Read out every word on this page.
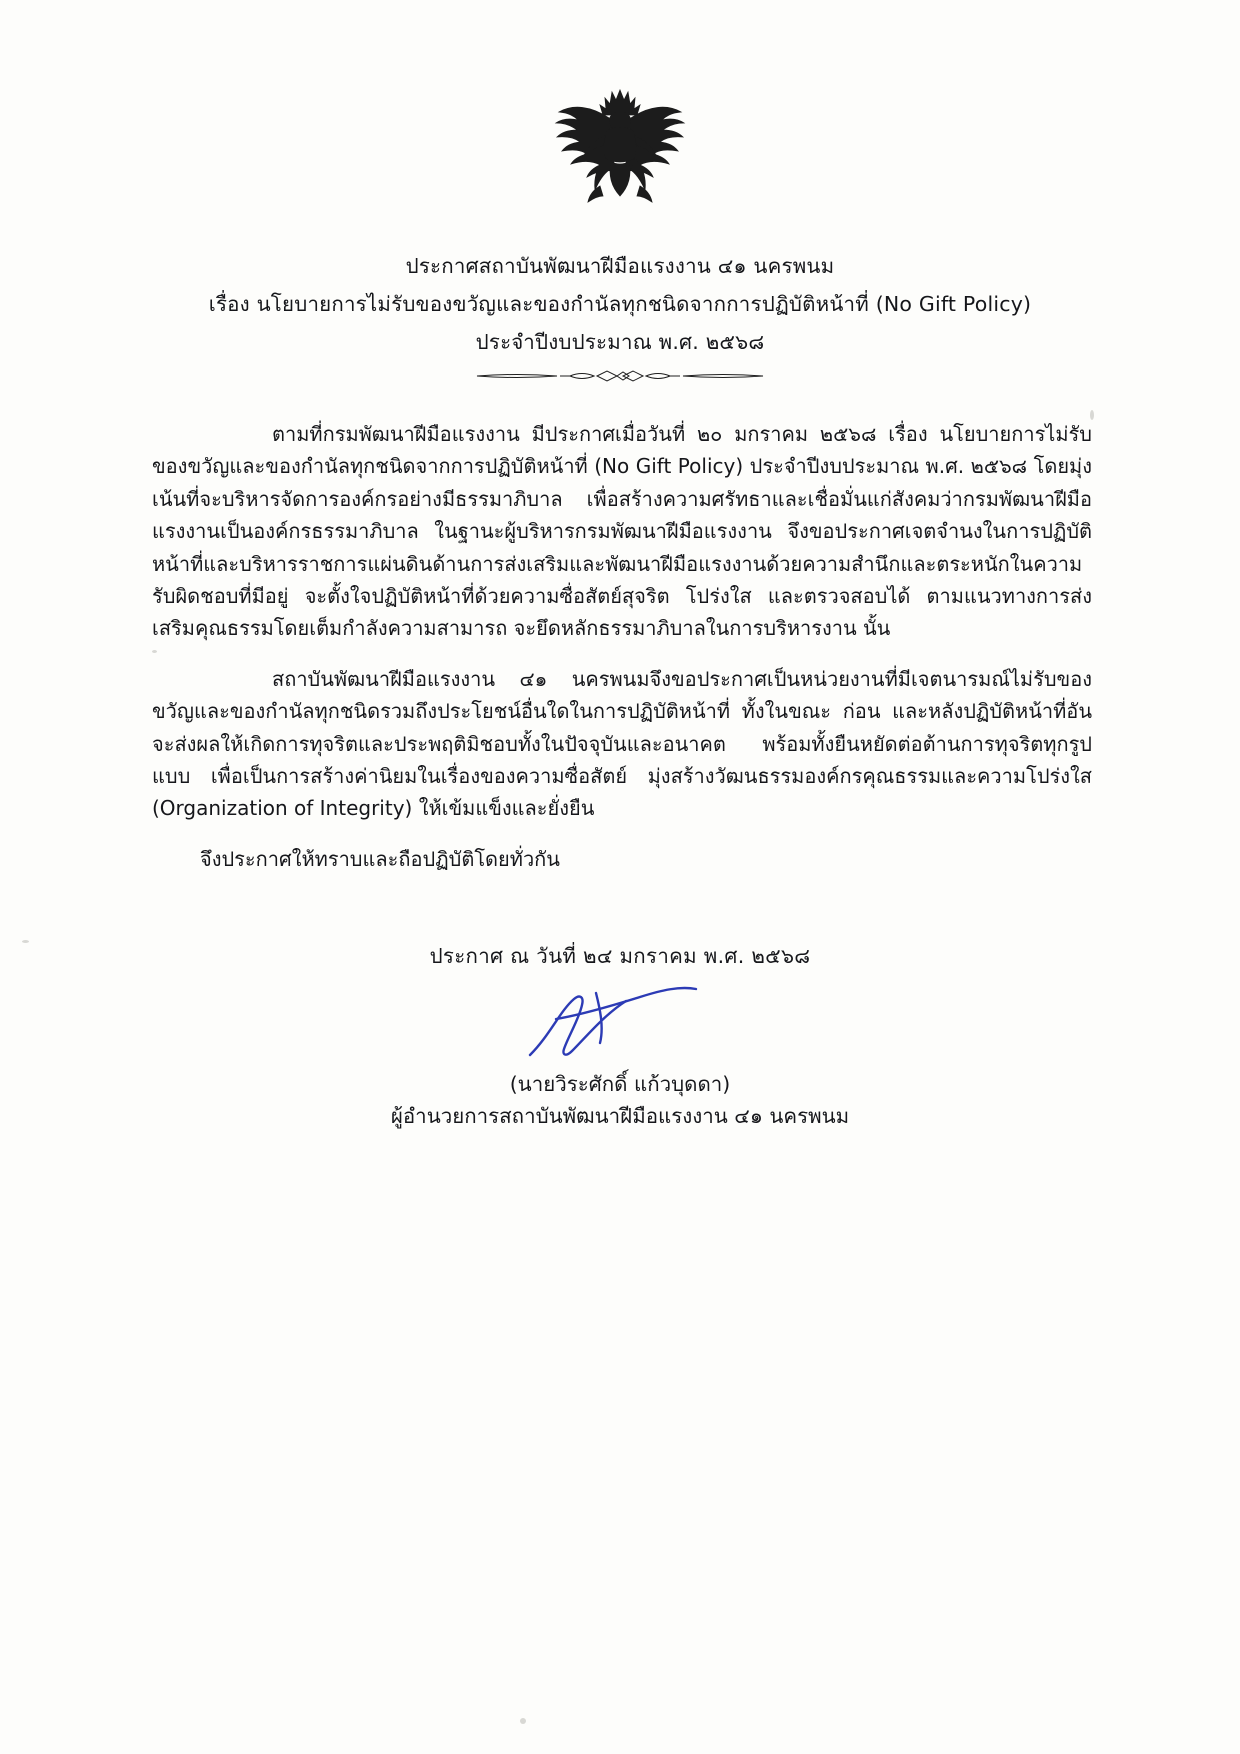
ประกาศสถาบันพัฒนาฝีมือแรงงาน ๔๑ นครพนม
เรื่อง นโยบายการไม่รับของขวัญและของกำนัลทุกชนิดจากการปฏิบัติหน้าที่ (No Gift Policy)
ประจำปีงบประมาณ พ.ศ. ๒๕๖๘

ตามที่กรมพัฒนาฝีมือแรงงาน มีประกาศเมื่อวันที่ ๒๐ มกราคม ๒๕๖๘ เรื่อง นโยบายการไม่รับของขวัญและของกำนัลทุกชนิดจากการปฏิบัติหน้าที่ (No Gift Policy) ประจำปีงบประมาณ พ.ศ. ๒๕๖๘ โดยมุ่งเน้นที่จะบริหารจัดการองค์กรอย่างมีธรรมาภิบาล เพื่อสร้างความศรัทธาและเชื่อมั่นแก่สังคมว่ากรมพัฒนาฝีมือแรงงานเป็นองค์กรธรรมาภิบาล ในฐานะผู้บริหารกรมพัฒนาฝีมือแรงงาน จึงขอประกาศเจตจำนงในการปฏิบัติหน้าที่และบริหารราชการแผ่นดินด้านการส่งเสริมและพัฒนาฝีมือแรงงานด้วยความสำนึกและตระหนักในความรับผิดชอบที่มีอยู่ จะตั้งใจปฏิบัติหน้าที่ด้วยความซื่อสัตย์สุจริต โปร่งใส และตรวจสอบได้ ตามแนวทางการส่งเสริมคุณธรรมโดยเต็มกำลังความสามารถ จะยึดหลักธรรมาภิบาลในการบริหารงาน นั้น

สถาบันพัฒนาฝีมือแรงงาน ๔๑ นครพนมจึงขอประกาศเป็นหน่วยงานที่มีเจตนารมณ์ไม่รับของขวัญและของกำนัลทุกชนิดรวมถึงประโยชน์อื่นใดในการปฏิบัติหน้าที่ ทั้งในขณะ ก่อน และหลังปฏิบัติหน้าที่อันจะส่งผลให้เกิดการทุจริตและประพฤติมิชอบทั้งในปัจจุบันและอนาคต พร้อมทั้งยืนหยัดต่อต้านการทุจริตทุกรูปแบบ เพื่อเป็นการสร้างค่านิยมในเรื่องของความซื่อสัตย์ มุ่งสร้างวัฒนธรรมองค์กรคุณธรรมและความโปร่งใส (Organization of Integrity) ให้เข้มแข็งและยั่งยืน

จึงประกาศให้ทราบและถือปฏิบัติโดยทั่วกัน

ประกาศ ณ วันที่ ๒๔ มกราคม พ.ศ. ๒๕๖๘
(นายวิระศักดิ์ แก้วบุดดา)
ผู้อำนวยการสถาบันพัฒนาฝีมือแรงงาน ๔๑ นครพนม
